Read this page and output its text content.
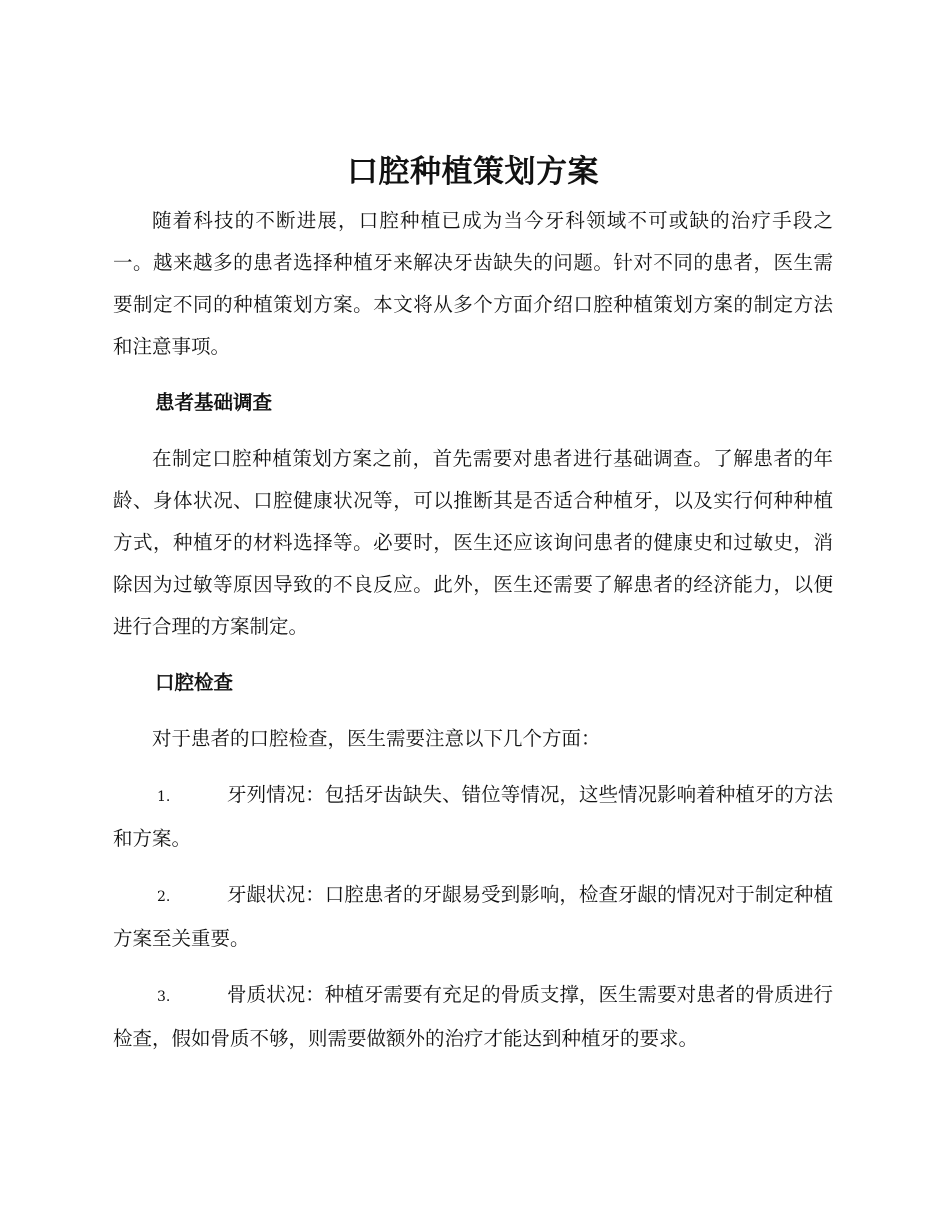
口腔种植策划方案

随着科技的不断进展，口腔种植已成为当今牙科领域不可或缺的治疗手段之一。越来越多的患者选择种植牙来解决牙齿缺失的问题。针对不同的患者，医生需要制定不同的种植策划方案。本文将从多个方面介绍口腔种植策划方案的制定方法和注意事项。

患者基础调查

在制定口腔种植策划方案之前，首先需要对患者进行基础调查。了解患者的年龄、身体状况、口腔健康状况等，可以推断其是否适合种植牙，以及实行何种种植方式，种植牙的材料选择等。必要时，医生还应该询问患者的健康史和过敏史，消除因为过敏等原因导致的不良反应。此外，医生还需要了解患者的经济能力，以便进行合理的方案制定。

口腔检查

对于患者的口腔检查，医生需要注意以下几个方面：

1.	牙列情况：包括牙齿缺失、错位等情况，这些情况影响着种植牙的方法和方案。

2.	牙龈状况：口腔患者的牙龈易受到影响，检查牙龈的情况对于制定种植方案至关重要。

3.	骨质状况：种植牙需要有充足的骨质支撑，医生需要对患者的骨质进行检查，假如骨质不够，则需要做额外的治疗才能达到种植牙的要求。
